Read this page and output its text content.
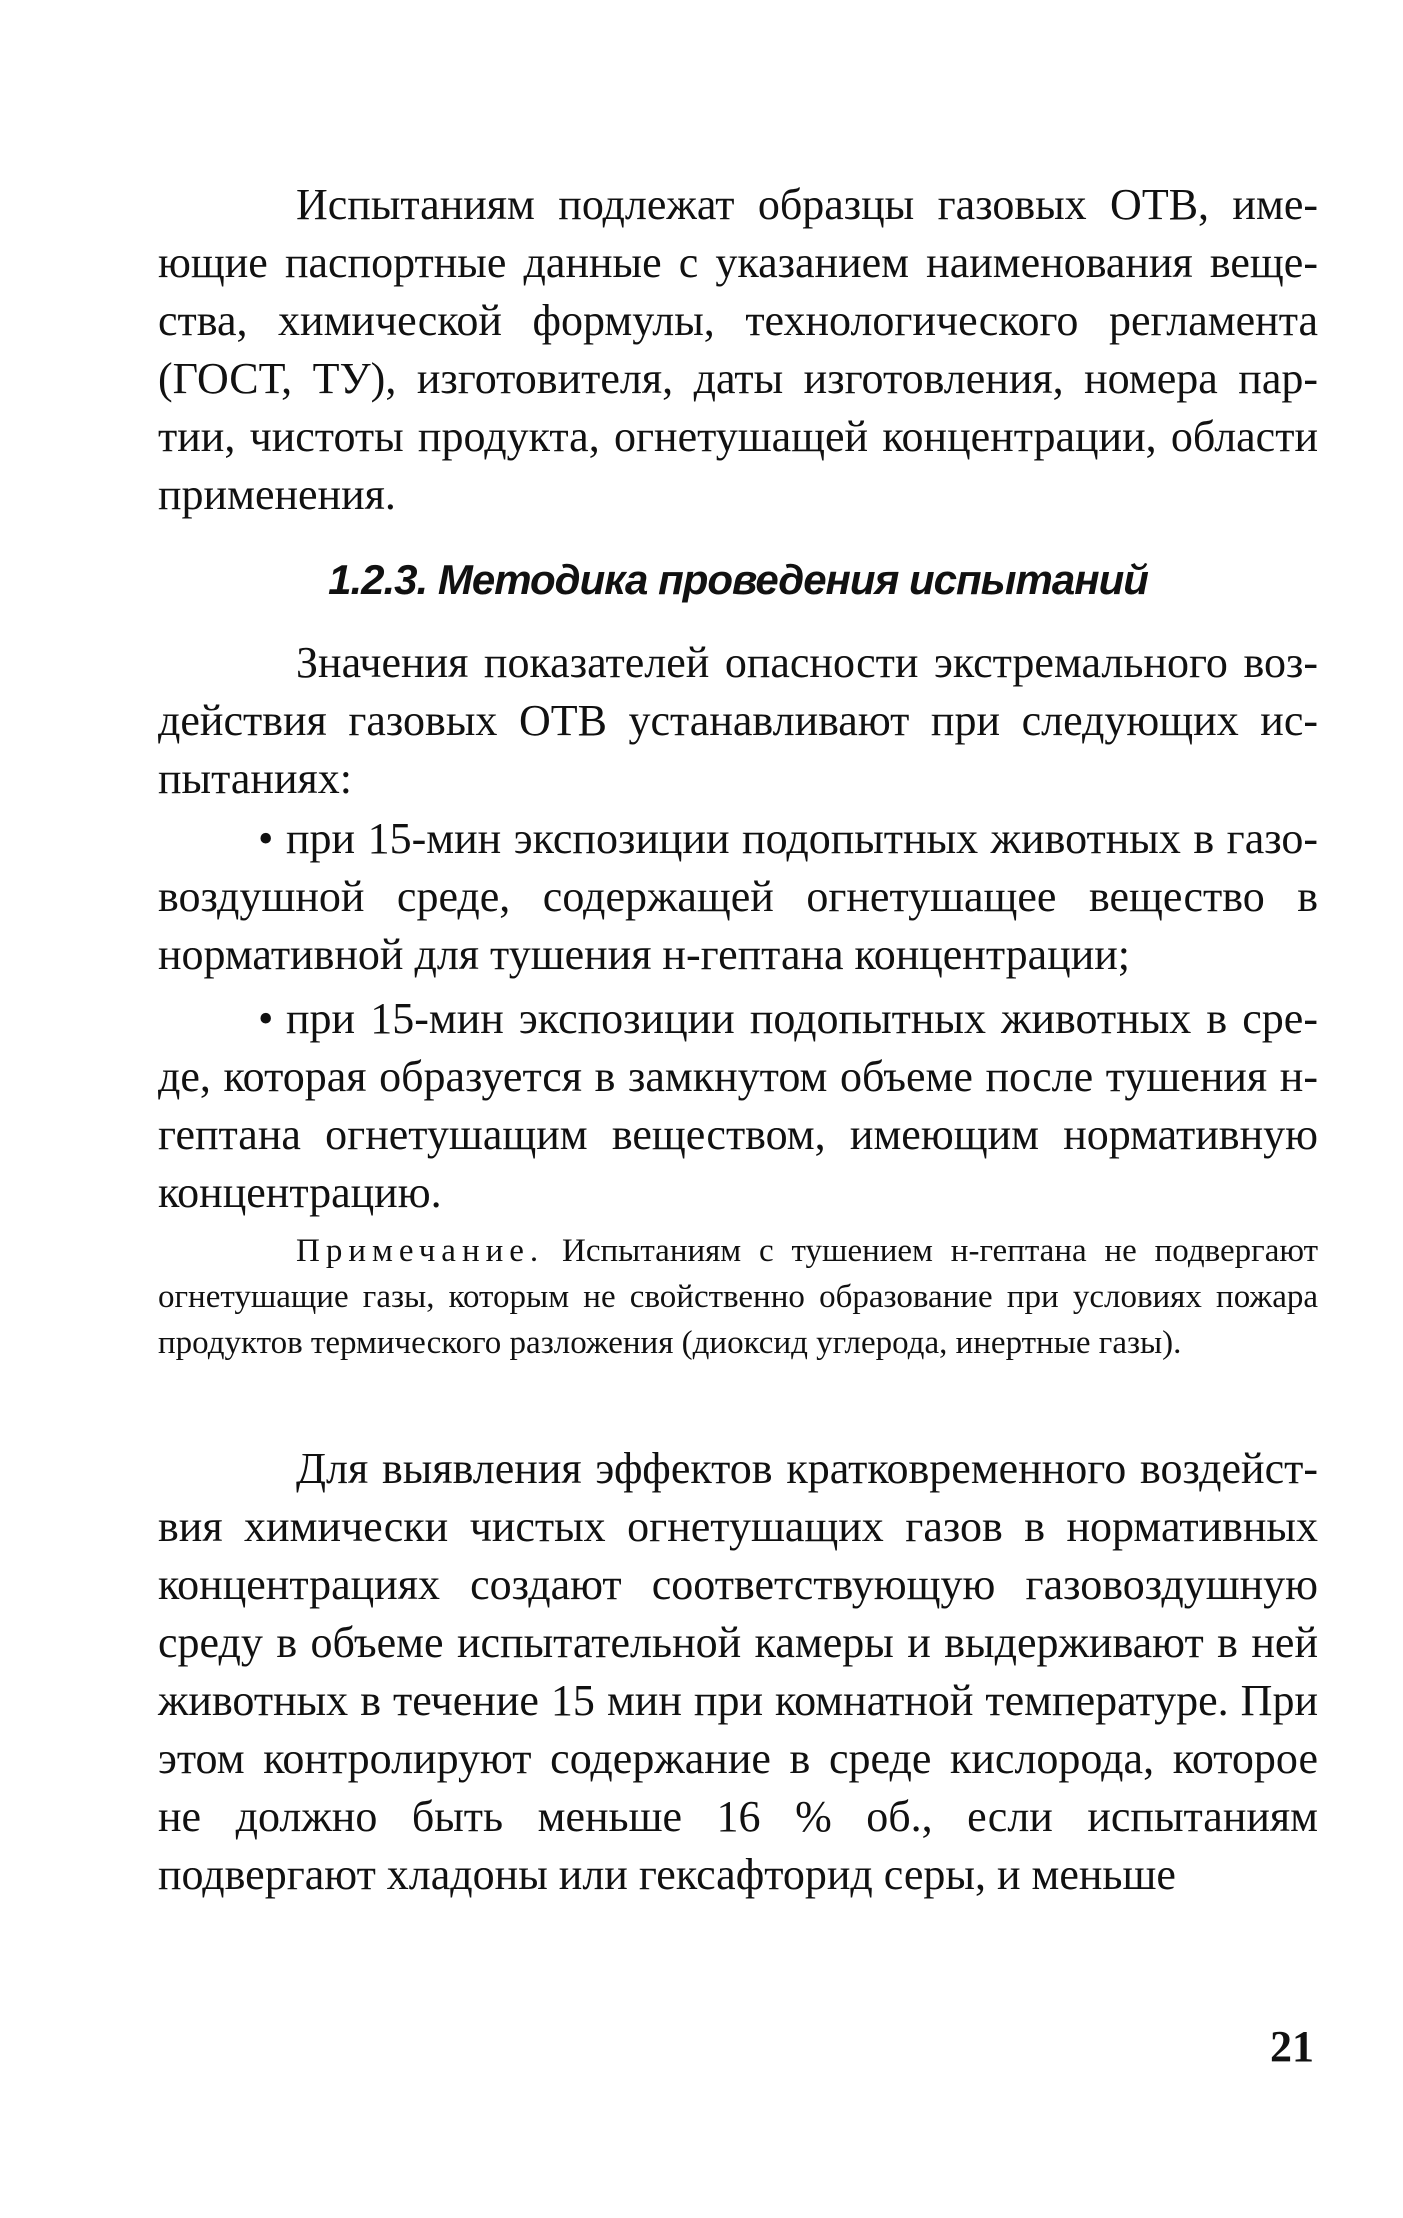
Испытаниям подлежат образцы газовых ОТВ, имеющие паспортные данные с указанием наименования вещества, химической формулы, технологического регламента (ГОСТ, ТУ), изготовителя, даты изготовления, номера партии, чистоты продукта, огнетушащей концентрации, области применения.

1.2.3. Методика проведения испытаний

Значения показателей опасности экстремального воздействия газовых ОТВ устанавливают при следующих испытаниях:

• при 15-мин экспозиции подопытных животных в газовоздушной среде, содержащей огнетушащее вещество в нормативной для тушения н-гептана концентрации;

• при 15-мин экспозиции подопытных животных в среде, которая образуется в замкнутом объеме после тушения н-гептана огнетушащим веществом, имеющим нормативную концентрацию.

Примечание. Испытаниям с тушением н-гептана не подвергают огнетушащие газы, которым не свойственно образование при условиях пожара продуктов термического разложения (диоксид углерода, инертные газы).

Для выявления эффектов кратковременного воздействия химически чистых огнетушащих газов в нормативных концентрациях создают соответствующую газовоздушную среду в объеме испытательной камеры и выдерживают в ней животных в течение 15 мин при комнатной температуре. При этом контролируют содержание в среде кислорода, которое не должно быть меньше 16 % об., если испытаниям подвергают хладоны или гексафторид серы, и меньше

21
